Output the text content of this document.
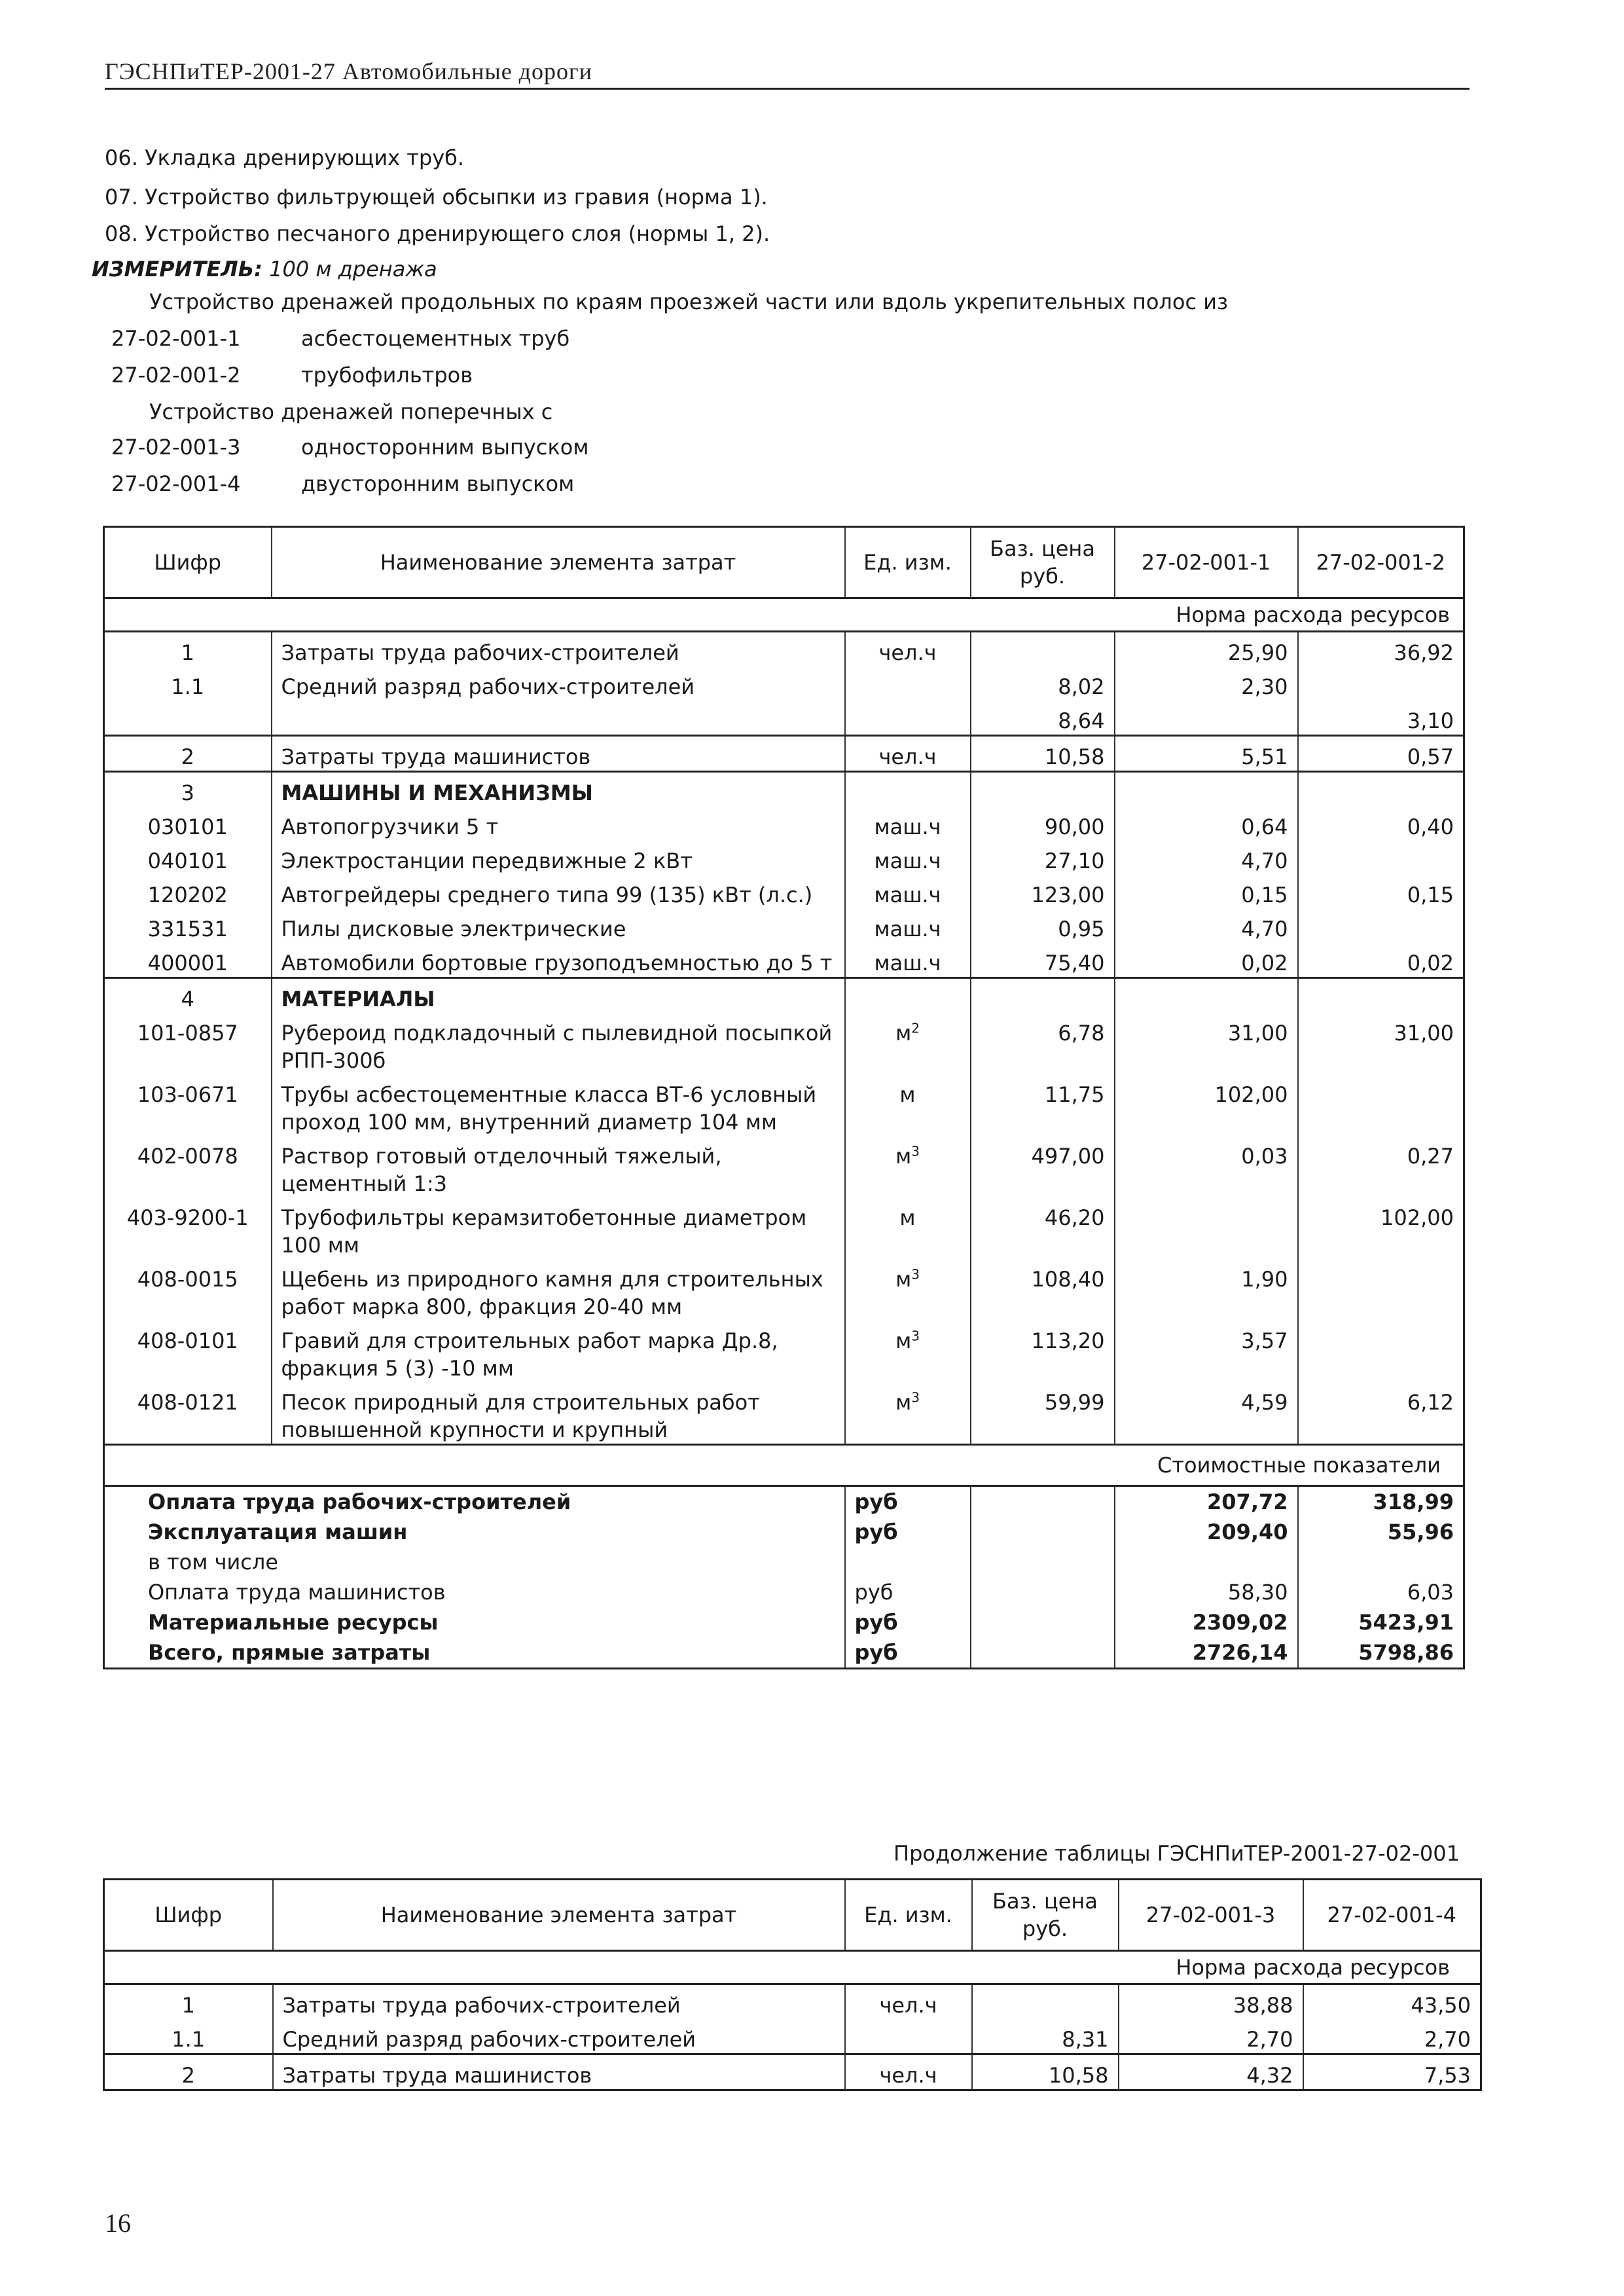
ГЭСНПиТЕР-2001-27 Автомобильные дороги
06. Укладка дренирующих труб.
07. Устройство фильтрующей обсыпки из гравия (норма 1).
08. Устройство песчаного дренирующего слоя (нормы 1, 2).
ИЗМЕРИТЕЛЬ: 100 м дренажа
Устройство дренажей продольных по краям проезжей части или вдоль укрепительных полос из
27-02-001-1	асбестоцементных труб
27-02-001-2	трубофильтров
Устройство дренажей поперечных с
27-02-001-3	односторонним выпуском
27-02-001-4	двусторонним выпуском
Шифр	Наименование элемента затрат	Ед. изм.	Баз. цена руб.	27-02-001-1	27-02-001-2
Норма расхода ресурсов					
1	Затраты труда рабочих-строителей	чел.ч		25,90	36,92
1.1	Средний разряд рабочих-строителей		8,02	2,30	
			8,64		3,10
2	Затраты труда машинистов	чел.ч	10,58	5,51	0,57
3	МАШИНЫ И МЕХАНИЗМЫ				
030101	Автопогрузчики 5 т	маш.ч	90,00	0,64	0,40
040101	Электростанции передвижные 2 кВт	маш.ч	27,10	4,70	
120202	Автогрейдеры среднего типа 99 (135) кВт (л.с.)	маш.ч	123,00	0,15	0,15
331531	Пилы дисковые электрические	маш.ч	0,95	4,70	
400001	Автомобили бортовые грузоподъемностью до 5 т	маш.ч	75,40	0,02	0,02
4	МАТЕРИАЛЫ				
101-0857	Рубероид подкладочный с пылевидной посыпкой РПП-300б	$м^2$	6,78	31,00	31,00
103-0671	Трубы асбестоцементные класса ВТ-6 условный проход 100 мм, внутренний диаметр 104 мм	м	11,75	102,00	
402-0078	Раствор готовый отделочный тяжелый, цементный 1:3	$м^3$	497,00	0,03	0,27
403-9200-1	Трубофильтры керамзитобетонные диаметром 100 мм	м	46,20		102,00
408-0015	Щебень из природного камня для строительных работ марка 800, фракция 20-40 мм	$м^3$	108,40	1,90	
408-0101	Гравий для строительных работ марка Др.8, фракция 5 (3) -10 мм	$м^3$	113,20	3,57	
408-0121	Песок природный для строительных работ повышенной крупности и крупный	$м^3$	59,99	4,59	6,12
Стоимостные показатели					
Оплата труда рабочих-строителей		руб		207,72	318,99
Эксплуатация машин		руб		209,40	55,96
в том числе					
Оплата труда машинистов		руб		58,30	6,03
Материальные ресурсы		руб		2309,02	5423,91
Всего, прямые затраты		руб		2726,14	5798,86
Продолжение таблицы ГЭСНПиТЕР-2001-27-02-001
Шифр	Наименование элемента затрат	Ед. изм.	Баз. цена руб.	27-02-001-3	27-02-001-4
Норма расхода ресурсов					
1	Затраты труда рабочих-строителей	чел.ч		38,88	43,50
1.1	Средний разряд рабочих-строителей		8,31	2,70	2,70
2	Затраты труда машинистов	чел.ч	10,58	4,32	7,53
16
